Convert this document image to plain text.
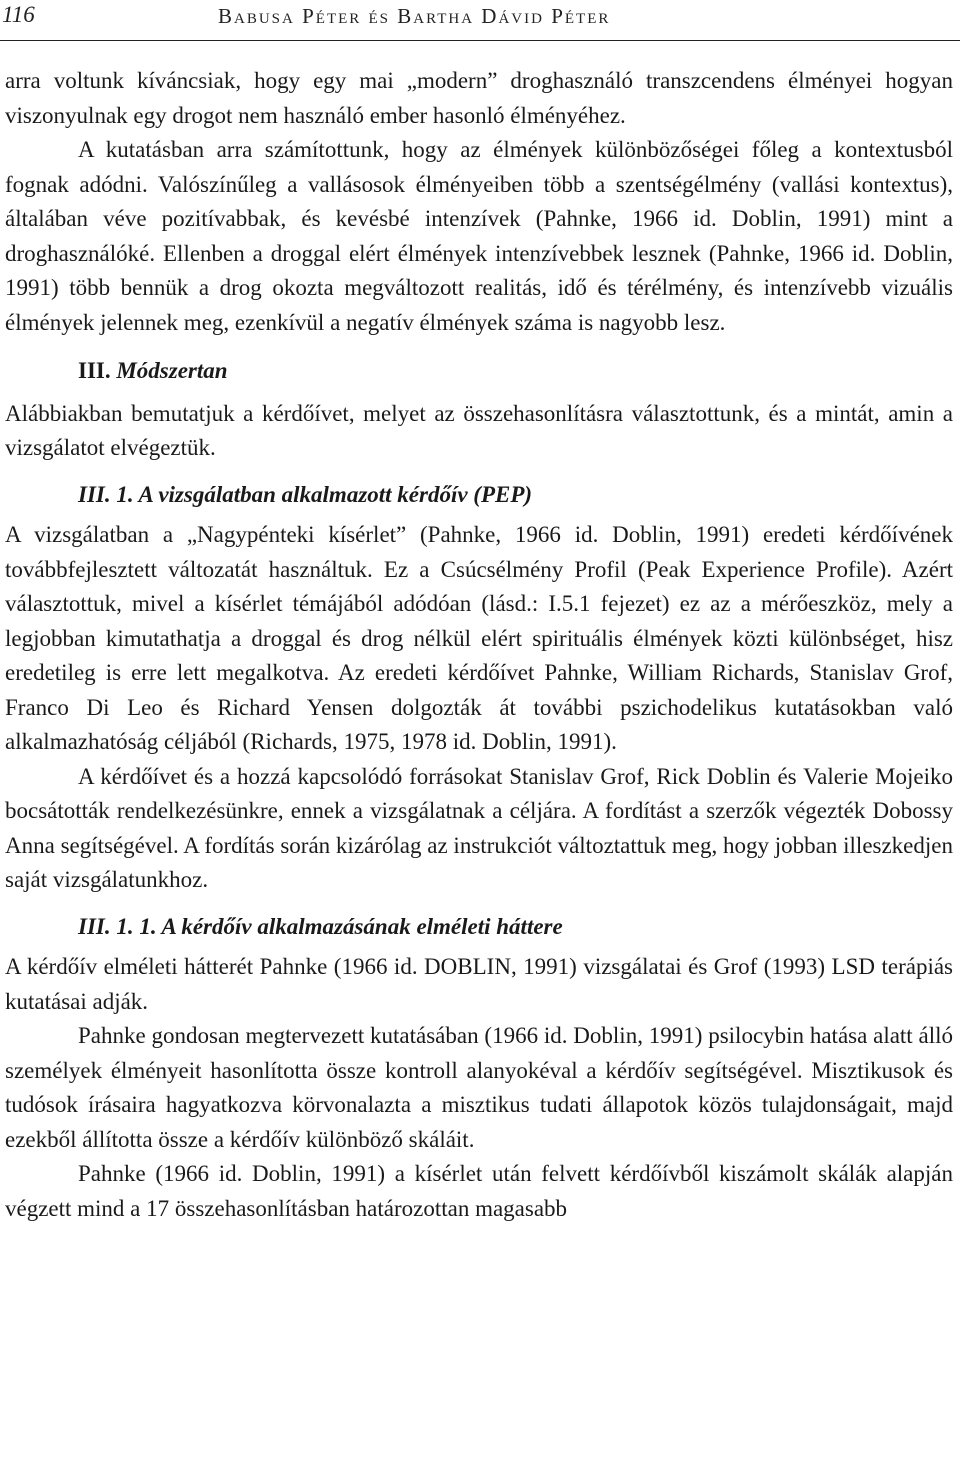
116	Babusa Péter és Bartha Dávid Péter

arra voltunk kíváncsiak, hogy egy mai „modern” droghasználó transzcendens élményei hogyan viszonyulnak egy drogot nem használó ember hasonló élményéhez.

A kutatásban arra számítottunk, hogy az élmények különbözőségei főleg a kontextusból fognak adódni. Valószínűleg a vallásosok élményeiben több a szentségélmény (vallási kontextus), általában véve pozitívabbak, és kevésbé intenzívek (Pahnke, 1966 id. Doblin, 1991) mint a droghasználóké. Ellenben a droggal elért élmények intenzívebbek lesznek (Pahnke, 1966 id. Doblin, 1991) több bennük a drog okozta megváltozott realitás, idő és térélmény, és intenzívebb vizuális élmények jelennek meg, ezenkívül a negatív élmények száma is nagyobb lesz.

III. Módszertan

Alábbiakban bemutatjuk a kérdőívet, melyet az összehasonlításra választottunk, és a mintát, amin a vizsgálatot elvégeztük.

III. 1. A vizsgálatban alkalmazott kérdőív (PEP)

A vizsgálatban a „Nagypénteki kísérlet” (Pahnke, 1966 id. Doblin, 1991) eredeti kérdőívének továbbfejlesztett változatát használtuk. Ez a Csúcsélmény Profil (Peak Experience Profile). Azért választottuk, mivel a kísérlet témájából adódóan (lásd.: I.5.1 fejezet) ez az a mérőeszköz, mely a legjobban kimutathatja a droggal és drog nélkül elért spirituális élmények közti különbséget, hisz eredetileg is erre lett megalkotva. Az eredeti kérdőívet Pahnke, William Richards, Stanislav Grof, Franco Di Leo és Richard Yensen dolgozták át további pszichodelikus kutatásokban való alkalmazhatóság céljából (Richards, 1975, 1978 id. Doblin, 1991).

A kérdőívet és a hozzá kapcsolódó forrásokat Stanislav Grof, Rick Doblin és Valerie Mojeiko bocsátották rendelkezésünkre, ennek a vizsgálatnak a céljára. A fordítást a szerzők végezték Dobossy Anna segítségével. A fordítás során kizárólag az instrukciót változtattuk meg, hogy jobban illeszkedjen saját vizsgálatunkhoz.

III. 1. 1. A kérdőív alkalmazásának elméleti háttere

A kérdőív elméleti hátterét Pahnke (1966 id. DOBLIN, 1991) vizsgálatai és Grof (1993) LSD terápiás kutatásai adják.

Pahnke gondosan megtervezett kutatásában (1966 id. Doblin, 1991) psilocybin hatása alatt álló személyek élményeit hasonlította össze kontroll alanyokéval a kérdőív segítségével. Misztikusok és tudósok írásaira hagyatkozva körvonalazta a misztikus tudati állapotok közös tulajdonságait, majd ezekből állította össze a kérdőív különböző skáláit.

Pahnke (1966 id. Doblin, 1991) a kísérlet után felvett kérdőívből kiszámolt skálák alapján végzett mind a 17 összehasonlításban határozottan magasabb
